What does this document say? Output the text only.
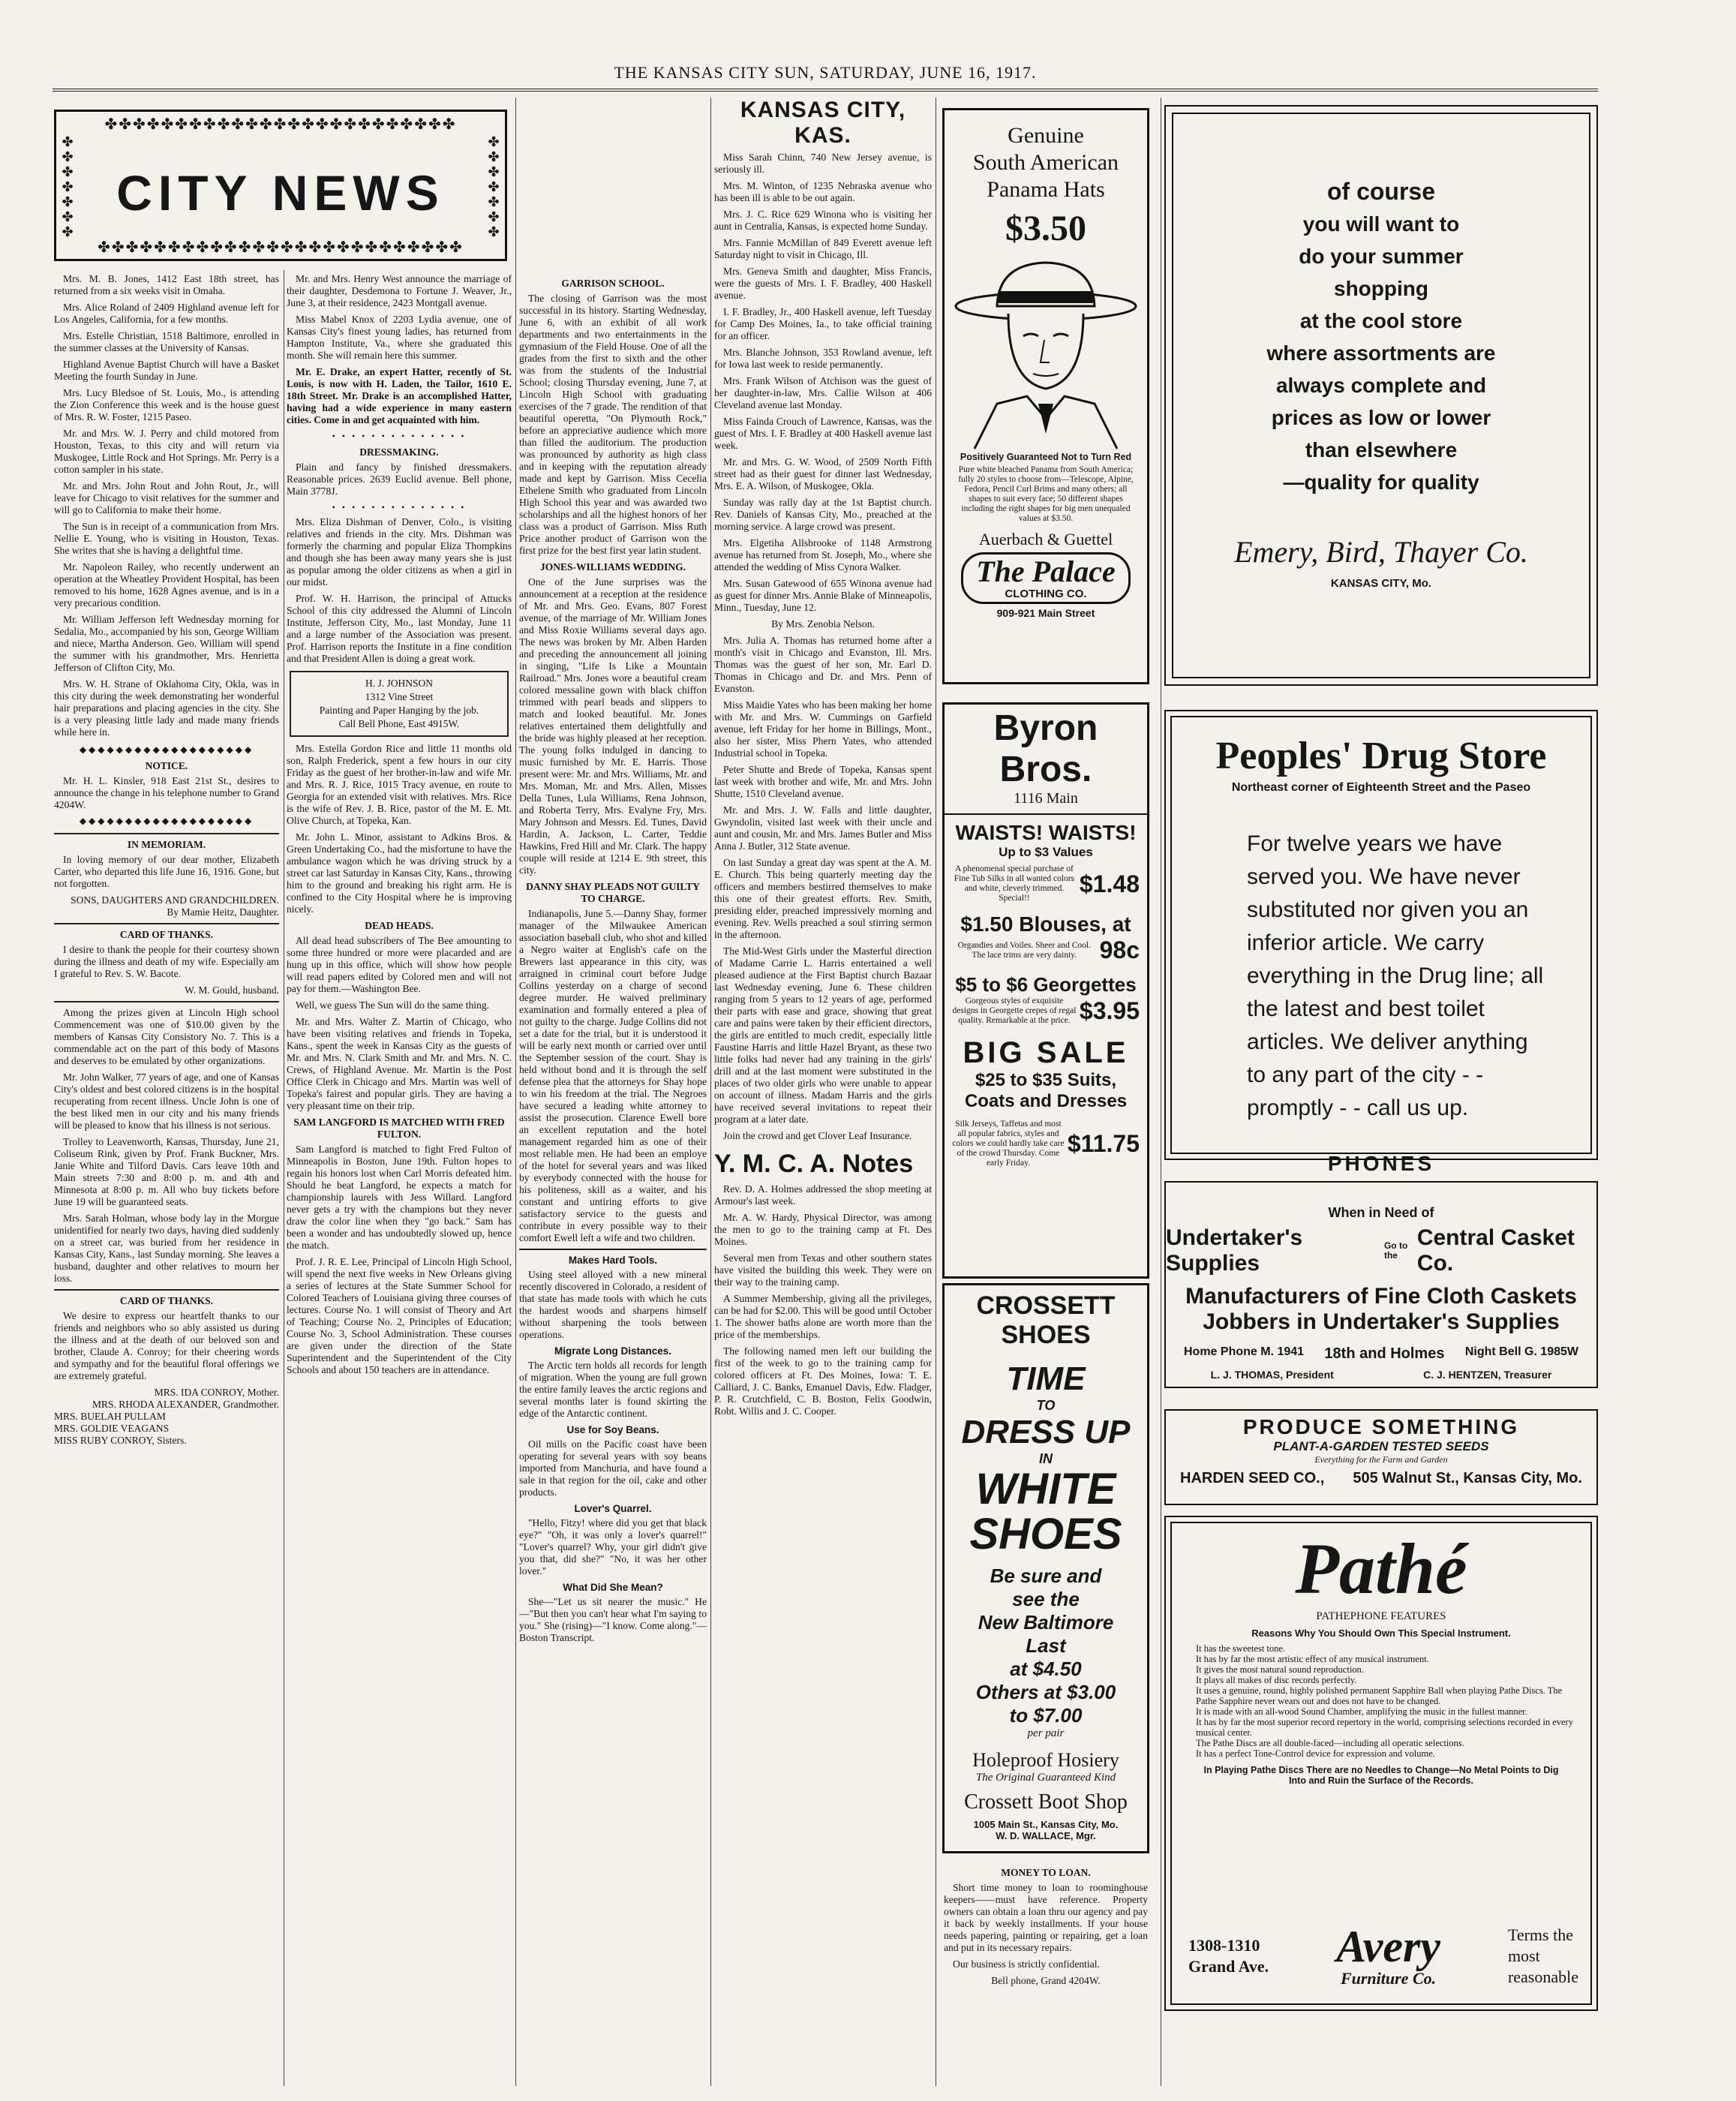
THE KANSAS CITY SUN, SATURDAY, JUNE 16, 1917.
✤✤✤✤✤✤✤✤✤✤✤✤✤✤✤✤✤✤✤✤✤✤✤✤✤
✤
✤
✤
✤
✤
✤
✤
✤
✤
✤
✤
✤
✤
✤
CITY NEWS
✤✤✤✤✤✤✤✤✤✤✤✤✤✤✤✤✤✤✤✤✤✤✤✤✤✤

Mrs. M. B. Jones, 1412 East 18th street, has returned from a six weeks visit in Omaha.

Mrs. Alice Roland of 2409 Highland avenue left for Los Angeles, California, for a few months.

Mrs. Estelle Christian, 1518 Baltimore, enrolled in the summer classes at the University of Kansas.

Highland Avenue Baptist Church will have a Basket Meeting the fourth Sunday in June.

Mrs. Lucy Bledsoe of St. Louis, Mo., is attending the Zion Conference this week and is the house guest of Mrs. R. W. Foster, 1215 Paseo.

Mr. and Mrs. W. J. Perry and child motored from Houston, Texas, to this city and will return via Muskogee, Little Rock and Hot Springs. Mr. Perry is a cotton sampler in his state.

Mr. and Mrs. John Rout and John Rout, Jr., will leave for Chicago to visit relatives for the summer and will go to California to make their home.

The Sun is in receipt of a communication from Mrs. Nellie E. Young, who is visiting in Houston, Texas. She writes that she is having a delightful time.

Mr. Napoleon Railey, who recently underwent an operation at the Wheatley Provident Hospital, has been removed to his home, 1628 Agnes avenue, and is in a very precarious condition.

Mr. William Jefferson left Wednesday morning for Sedalia, Mo., accompanied by his son, George William and niece, Martha Anderson. Geo. William will spend the summer with his grandmother, Mrs. Henrietta Jefferson of Clifton City, Mo.

Mrs. W. H. Strane of Oklahoma City, Okla, was in this city during the week demonstrating her wonderful hair preparations and placing agencies in the city. She is a very pleasing little lady and made many friends while here in.

◆◆◆◆◆◆◆◆◆◆◆◆◆◆◆◆◆◆◆
NOTICE.

Mr. H. L. Kinsler, 918 East 21st St., desires to announce the change in his telephone number to Grand 4204W.

◆◆◆◆◆◆◆◆◆◆◆◆◆◆◆◆◆◆◆
IN MEMORIAM.

In loving memory of our dear mother, Elizabeth Carter, who departed this life June 16, 1916. Gone, but not forgotten.

SONS, DAUGHTERS AND GRANDCHILDREN.

By Mamie Heitz, Daughter.

CARD OF THANKS.

I desire to thank the people for their courtesy shown during the illness and death of my wife. Especially am I grateful to Rev. S. W. Bacote.

W. M. Gould, husband.

Among the prizes given at Lincoln High school Commencement was one of $10.00 given by the members of Kansas City Consistory No. 7. This is a commendable act on the part of this body of Masons and deserves to be emulated by other organizations.

Mr. John Walker, 77 years of age, and one of Kansas City's oldest and best colored citizens is in the hospital recuperating from recent illness. Uncle John is one of the best liked men in our city and his many friends will be pleased to know that his illness is not serious.

Trolley to Leavenworth, Kansas, Thursday, June 21, Coliseum Rink, given by Prof. Frank Buckner, Mrs. Janie White and Tilford Davis. Cars leave 10th and Main streets 7:30 and 8:00 p. m. and 4th and Minnesota at 8:00 p. m. All who buy tickets before June 19 will be guaranteed seats.

Mrs. Sarah Holman, whose body lay in the Morgue unidentified for nearly two days, having died suddenly on a street car, was buried from her residence in Kansas City, Kans., last Sunday morning. She leaves a husband, daughter and other relatives to mourn her loss.

CARD OF THANKS.

We desire to express our heartfelt thanks to our friends and neighbors who so ably assisted us during the illness and at the death of our beloved son and brother, Claude A. Conroy; for their cheering words and sympathy and for the beautiful floral offerings we are extremely grateful.

MRS. IDA CONROY, Mother.

MRS. RHODA ALEXANDER, Grandmother.

MRS. BUELAH PULLAM

MRS. GOLDIE VEAGANS

MISS RUBY CONROY, Sisters.

Mr. and Mrs. Henry West announce the marriage of their daughter, Desdemona to Fortune J. Weaver, Jr., June 3, at their residence, 2423 Montgall avenue.

Miss Mabel Knox of 2203 Lydia avenue, one of Kansas City's finest young ladies, has returned from Hampton Institute, Va., where she graduated this month. She will remain here this summer.

Mr. E. Drake, an expert Hatter, recently of St. Louis, is now with H. Laden, the Tailor, 1610 E. 18th Street. Mr. Drake is an accomplished Hatter, having had a wide experience in many eastern cities. Come in and get acquainted with him.

• • • • • • • • • • • • • •
DRESSMAKING.

Plain and fancy by finished dressmakers. Reasonable prices. 2639 Euclid avenue. Bell phone, Main 3778J.

• • • • • • • • • • • • • •

Mrs. Eliza Dishman of Denver, Colo., is visiting relatives and friends in the city. Mrs. Dishman was formerly the charming and popular Eliza Thompkins and though she has been away many years she is just as popular among the older citizens as when a girl in our midst.

Prof. W. H. Harrison, the principal of Attucks School of this city addressed the Alumni of Lincoln Institute, Jefferson City, Mo., last Monday, June 11 and a large number of the Association was present. Prof. Harrison reports the Institute in a fine condition and that President Allen is doing a great work.

H. J. JOHNSON
1312 Vine Street
Painting and Paper Hanging by the job.
Call Bell Phone, East 4915W.

Mrs. Estella Gordon Rice and little 11 months old son, Ralph Frederick, spent a few hours in our city Friday as the guest of her brother-in-law and wife Mr. and Mrs. R. J. Rice, 1015 Tracy avenue, en route to Georgia for an extended visit with relatives. Mrs. Rice is the wife of Rev. J. B. Rice, pastor of the M. E. Mt. Olive Church, at Topeka, Kan.

Mr. John L. Minor, assistant to Adkins Bros. & Green Undertaking Co., had the misfortune to have the ambulance wagon which he was driving struck by a street car last Saturday in Kansas City, Kans., throwing him to the ground and breaking his right arm. He is confined to the City Hospital where he is improving nicely.

DEAD HEADS.

All dead head subscribers of The Bee amounting to some three hundred or more were placarded and are hung up in this office, which will show how people will read papers edited by Colored men and will not pay for them.—Washington Bee.

Well, we guess The Sun will do the same thing.

Mr. and Mrs. Walter Z. Martin of Chicago, who have been visiting relatives and friends in Topeka, Kans., spent the week in Kansas City as the guests of Mr. and Mrs. N. Clark Smith and Mr. and Mrs. N. C. Crews, of Highland Avenue. Mr. Martin is the Post Office Clerk in Chicago and Mrs. Martin was well of Topeka's fairest and popular girls. They are having a very pleasant time on their trip.

SAM LANGFORD IS MATCHED WITH FRED FULTON.

Sam Langford is matched to fight Fred Fulton of Minneapolis in Boston, June 19th. Fulton hopes to regain his honors lost when Carl Morris defeated him. Should he beat Langford, he expects a match for championship laurels with Jess Willard. Langford never gets a try with the champions but they never draw the color line when they "go back." Sam has been a wonder and has undoubtedly slowed up, hence the match.

Prof. J. R. E. Lee, Principal of Lincoln High School, will spend the next five weeks in New Orleans giving a series of lectures at the State Summer School for Colored Teachers of Louisiana giving three courses of lectures. Course No. 1 will consist of Theory and Art of Teaching; Course No. 2, Principles of Education; Course No. 3, School Administration. These courses are given under the direction of the State Superintendent and the Superintendent of the City Schools and about 150 teachers are in attendance.

GARRISON SCHOOL.

The closing of Garrison was the most successful in its history. Starting Wednesday, June 6, with an exhibit of all work departments and two entertainments in the gymnasium of the Field House. One of all the grades from the first to sixth and the other was from the students of the Industrial School; closing Thursday evening, June 7, at Lincoln High School with graduating exercises of the 7 grade. The rendition of that beautiful operetta, "On Plymouth Rock," before an appreciative audience which more than filled the auditorium. The production was pronounced by authority as high class and in keeping with the reputation already made and kept by Garrison. Miss Cecelia Ethelene Smith who graduated from Lincoln High School this year and was awarded two scholarships and all the highest honors of her class was a product of Garrison. Miss Ruth Price another product of Garrison won the first prize for the best first year latin student.

JONES-WILLIAMS WEDDING.

One of the June surprises was the announcement at a reception at the residence of Mr. and Mrs. Geo. Evans, 807 Forest avenue, of the marriage of Mr. William Jones and Miss Roxie Williams several days ago. The news was broken by Mr. Alben Harden and preceding the announcement all joining in singing, "Life Is Like a Mountain Railroad." Mrs. Jones wore a beautiful cream colored messaline gown with black chiffon trimmed with pearl beads and slippers to match and looked beautiful. Mr. Jones relatives entertained them delightfully and the bride was highly pleased at her reception. The young folks indulged in dancing to music furnished by Mr. E. Harris. Those present were: Mr. and Mrs. Williams, Mr. and Mrs. Moman, Mr. and Mrs. Allen, Misses Della Tunes, Lula Williams, Rena Johnson, and Roberta Terry, Mrs. Evalyne Fry, Mrs. Mary Johnson and Messrs. Ed. Tunes, David Hardin, A. Jackson, L. Carter, Teddie Hawkins, Fred Hill and Mr. Clark. The happy couple will reside at 1214 E. 9th street, this city.

DANNY SHAY PLEADS NOT GUILTY TO CHARGE.

Indianapolis, June 5.—Danny Shay, former manager of the Milwaukee American association baseball club, who shot and killed a Negro waiter at English's cafe on the Brewers last appearance in this city, was arraigned in criminal court before Judge Collins yesterday on a charge of second degree murder. He waived preliminary examination and formally entered a plea of not guilty to the charge. Judge Collins did not set a date for the trial, but it is understood it will be early next month or carried over until the September session of the court. Shay is held without bond and it is through the self defense plea that the attorneys for Shay hope to win his freedom at the trial. The Negroes have secured a leading white attorney to assist the prosecution. Clarence Ewell bore an excellent reputation and the hotel management regarded him as one of their most reliable men. He had been an employe of the hotel for several years and was liked by everybody connected with the house for his politeness, skill as a waiter, and his constant and untiring efforts to give satisfactory service to the guests and contribute in every possible way to their comfort Ewell left a wife and two children.

Makes Hard Tools.

Using steel alloyed with a new mineral recently discovered in Colorado, a resident of that state has made tools with which he cuts the hardest woods and sharpens himself without sharpening the tools between operations.

Migrate Long Distances.

The Arctic tern holds all records for length of migration. When the young are full grown the entire family leaves the arctic regions and several months later is found skirting the edge of the Antarctic continent.

Use for Soy Beans.

Oil mills on the Pacific coast have been operating for several years with soy beans imported from Manchuria, and have found a sale in that region for the oil, cake and other products.

Lover's Quarrel.

"Hello, Fitzy! where did you get that black eye?" "Oh, it was only a lover's quarrel!" "Lover's quarrel? Why, your girl didn't give you that, did she?" "No, it was her other lover."

What Did She Mean?

She—"Let us sit nearer the music." He—"But then you can't hear what I'm saying to you." She (rising)—"I know. Come along."—Boston Transcript.

KANSAS CITY, KAS.

Miss Sarah Chinn, 740 New Jersey avenue, is seriously ill.

Mrs. M. Winton, of 1235 Nebraska avenue who has been ill is able to be out again.

Mrs. J. C. Rice 629 Winona who is visiting her aunt in Centralia, Kansas, is expected home Sunday.

Mrs. Fannie McMillan of 849 Everett avenue left Saturday night to visit in Chicago, Ill.

Mrs. Geneva Smith and daughter, Miss Francis, were the guests of Mrs. I. F. Bradley, 400 Haskell avenue.

I. F. Bradley, Jr., 400 Haskell avenue, left Tuesday for Camp Des Moines, Ia., to take official training for an officer.

Mrs. Blanche Johnson, 353 Rowland avenue, left for Iowa last week to reside permanently.

Mrs. Frank Wilson of Atchison was the guest of her daughter-in-law, Mrs. Callie Wilson at 406 Cleveland avenue last Monday.

Miss Fainda Crouch of Lawrence, Kansas, was the guest of Mrs. I. F. Bradley at 400 Haskell avenue last week.

Mr. and Mrs. G. W. Wood, of 2509 North Fifth street had as their guest for dinner last Wednesday, Mrs. E. A. Wilson, of Muskogee, Okla.

Sunday was rally day at the 1st Baptist church. Rev. Daniels of Kansas City, Mo., preached at the morning service. A large crowd was present.

Mrs. Elgetiha Allsbrooke of 1148 Armstrong avenue has returned from St. Joseph, Mo., where she attended the wedding of Miss Cynora Walker.

Mrs. Susan Gatewood of 655 Winona avenue had as guest for dinner Mrs. Annie Blake of Minneapolis, Minn., Tuesday, June 12.

By Mrs. Zenobia Nelson.

Mrs. Julia A. Thomas has returned home after a month's visit in Chicago and Evanston, Ill. Mrs. Thomas was the guest of her son, Mr. Earl D. Thomas in Chicago and Dr. and Mrs. Penn of Evanston.

Miss Maidie Yates who has been making her home with Mr. and Mrs. W. Cummings on Garfield avenue, left Friday for her home in Billings, Mont., also her sister, Miss Phern Yates, who attended Industrial school in Topeka.

Peter Shutte and Brede of Topeka, Kansas spent last week with brother and wife, Mr. and Mrs. John Shutte, 1510 Cleveland avenue.

Mr. and Mrs. J. W. Falls and little daughter, Gwyndolin, visited last week with their uncle and aunt and cousin, Mr. and Mrs. James Butler and Miss Anna J. Butler, 312 State avenue.

On last Sunday a great day was spent at the A. M. E. Church. This being quarterly meeting day the officers and members bestirred themselves to make this one of their greatest efforts. Rev. Smith, presiding elder, preached impressively morning and evening. Rev. Wells preached a soul stirring sermon in the afternoon.

The Mid-West Girls under the Masterful direction of Madame Carrie L. Harris entertained a well pleased audience at the First Baptist church Bazaar last Wednesday evening, June 6. These children ranging from 5 years to 12 years of age, performed their parts with ease and grace, showing that great care and pains were taken by their efficient directors, the girls are entitled to much credit, especially little Faustine Harris and little Hazel Bryant, as these two little folks had never had any training in the girls' drill and at the last moment were substituted in the places of two older girls who were unable to appear on account of illness. Madam Harris and the girls have received several invitations to repeat their program at a later date.

Join the crowd and get Clover Leaf Insurance.

Y. M. C. A. Notes

Rev. D. A. Holmes addressed the shop meeting at Armour's last week.

Mr. A. W. Hardy, Physical Director, was among the men to go to the training camp at Ft. Des Moines.

Several men from Texas and other southern states have visited the building this week. They were on their way to the training camp.

A Summer Membership, giving all the privileges, can be had for $2.00. This will be good until October 1. The shower baths alone are worth more than the price of the memberships.

The following named men left our building the first of the week to go to the training camp for colored officers at Ft. Des Moines, Iowa: T. E. Calliard, J. C. Banks, Emanuel Davis, Edw. Fladger, P. R. Crutchfield, C. B. Boston, Felix Goodwin, Robt. Willis and J. C. Cooper.

Genuine
South American
Panama Hats
$3.50
Positively Guaranteed Not to Turn Red
Pure white bleached Panama from South America; fully 20 styles to choose from—Telescope, Alpine, Fedora, Pencil Curl Brims and many others; all shapes to suit every face; 50 different shapes including the right shapes for big men unequaled values at $3.50.
Auerbach & Guettel
The Palace
CLOTHING CO.
909-921 Main Street
of course
you will want to
do your summer
shopping
at the cool store
where assortments are
always complete and
prices as low or lower
than elsewhere
—quality for quality
Emery, Bird, Thayer Co.
KANSAS CITY, Mo.
Byron Bros.
1116 Main
WAISTS! WAISTS!
Up to $3 Values
A phenomenal special purchase of Fine Tub Silks in all wanted colors and white, cleverly trimmed. Special!!
$1.48
$1.50 Blouses, at
Organdies and Voiles. Sheer and Cool. The lace trims are very dainty. 98c
$5 to $6 Georgettes
Gorgeous styles of exquisite designs in Georgette crepes of regal quality. Remarkable at the price. $3.95
BIG SALE
$25 to $35 Suits,
Coats and Dresses
Silk Jerseys, Taffetas and most all popular fabrics, styles and colors we could hardly take care of the crowd Thursday. Come early Friday.
$11.75
CROSSETT SHOES
TIME
TO
DRESS UP
IN
WHITE
SHOES
Be sure and
see the
New Baltimore
Last
at $4.50
Others at $3.00
to $7.00
per pair
Holeproof Hosiery
The Original Guaranteed Kind
Crossett Boot Shop
1005 Main St., Kansas City, Mo.
W. D. WALLACE, Mgr.
MONEY TO LOAN.

Short time money to loan to roominghouse keepers——must have reference. Property owners can obtain a loan thru our agency and pay it back by weekly installments. If your house needs papering, painting or repairing, get a loan and put in its necessary repairs.

Our business is strictly confidential.

Bell phone, Grand 4204W.

Peoples' Drug Store
Northeast corner of Eighteenth Street and the Paseo
For twelve years we have served you. We have never substituted nor given you an inferior article. We carry everything in the Drug line; all the latest and best toilet articles. We deliver anything to any part of the city - - promptly - - call us up.
PHONES
When in Need of
Undertaker's Supplies
Go to the
Central Casket Co.
Manufacturers of Fine Cloth Caskets
Jobbers in Undertaker's Supplies
Home Phone M. 1941 18th and Holmes Night Bell G. 1985W
L. J. THOMAS, President	C. J. HENTZEN, Treasurer
PRODUCE SOMETHING
PLANT-A-GARDEN TESTED SEEDS
Everything for the Farm and Garden
HARDEN SEED CO., 505 Walnut St., Kansas City, Mo.
Pathé
PATHEPHONE FEATURES
Reasons Why You Should Own This Special Instrument.
It has the sweetest tone.
It has by far the most artistic effect of any musical instrument.
It gives the most natural sound reproduction.
It plays all makes of disc records perfectly.
It uses a genuine, round, highly polished permanent Sapphire Ball when playing Pathe Discs. The Pathe Sapphire never wears out and does not have to be changed.
It is made with an all-wood Sound Chamber, amplifying the music in the fullest manner.
It has by far the most superior record repertory in the world, comprising selections recorded in every musical center.
The Pathe Discs are all double-faced—including all operatic selections.
It has a perfect Tone-Control device for expression and volume.
In Playing Pathe Discs There are no Needles to Change—No Metal Points to Dig Into and Ruin the Surface of the Records.
1308-1310
Grand Ave.	Avery
Furniture Co.
Terms the
most
reasonable
